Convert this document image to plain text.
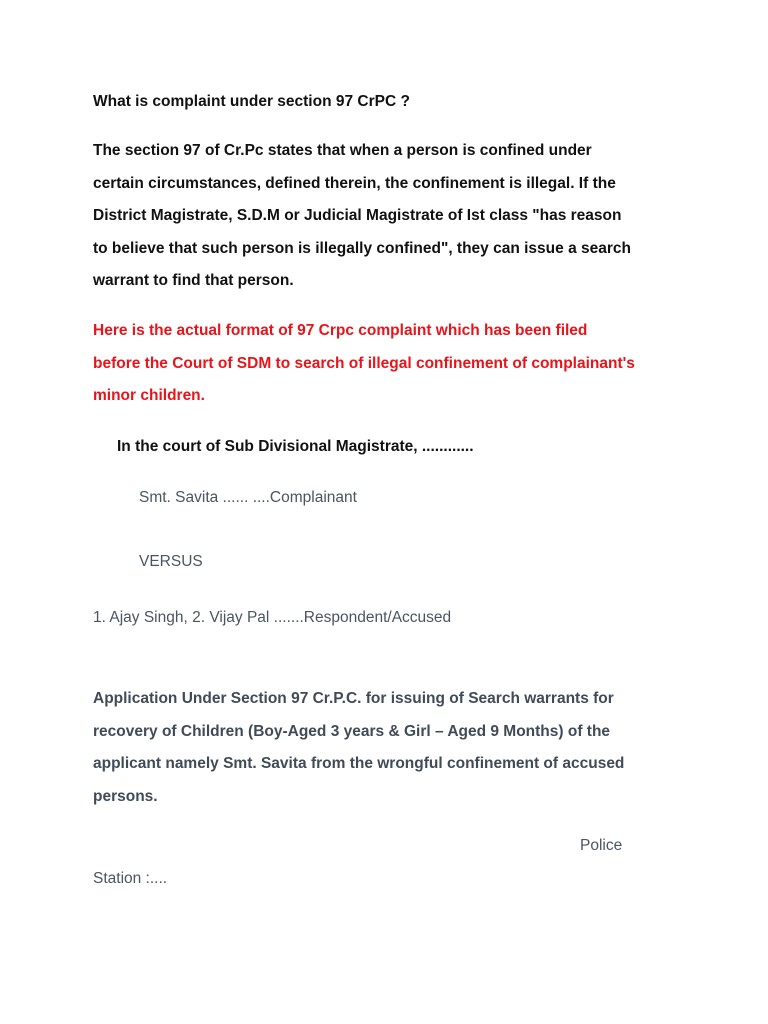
What is complaint under section 97 CrPC ?

The section 97 of Cr.Pc states that when a person is confined under

certain circumstances, defined therein, the confinement is illegal. If the

District Magistrate, S.D.M or Judicial Magistrate of Ist class "has reason

to believe that such person is illegally confined", they can issue a search

warrant to find that person.

Here is the actual format of 97 Crpc complaint which has been filed

before the Court of SDM to search of illegal confinement of complainant's

minor children.

In the court of Sub Divisional Magistrate, ............

Smt. Savita ...... ....Complainant

VERSUS

1. Ajay Singh, 2. Vijay Pal .......Respondent/Accused

Application Under Section 97 Cr.P.C. for issuing of Search warrants for

recovery of Children (Boy-Aged 3 years & Girl – Aged 9 Months) of the

applicant namely Smt. Savita from the wrongful confinement of accused

persons.

Police

Station :....
